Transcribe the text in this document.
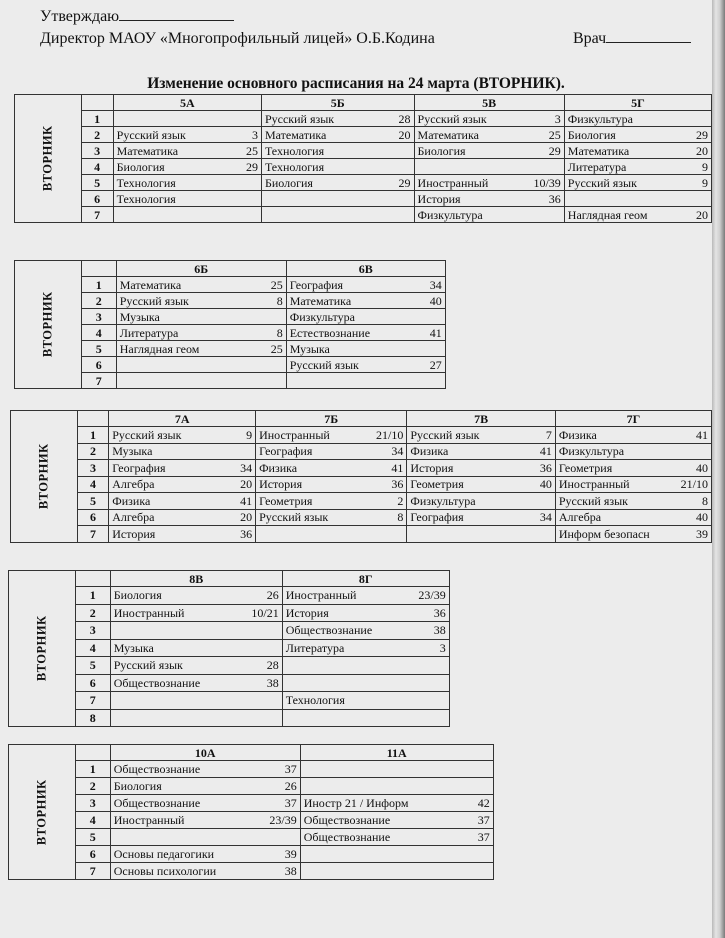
Утверждаю
Директор МАОУ «Многопрофильный лицей» О.Б.Кодина	Врач
Изменение основного расписания на 24 марта (ВТОРНИК).
ВТОРНИК		5А	5Б	5В	5Г
	1		Русский язык 28	Русский язык 3	Физкультура

	2	Русский язык 3	Математика 20	Математика 25	Биология 29

	3	Математика 25	Технология	Биология 29	Математика 20

	4	Биология 29	Технология		Литература 9

	5	Технология	Биология 29	Иностранный 10/39	Русский язык 9

	6	Технология		История 36	

	7			Физкультура	Наглядная геом 20
ВТОРНИК		6Б	6В
	1	Математика 25	География 34

	2	Русский язык 8	Математика 40

	3	Музыка	Физкультура

	4	Литература 8	Естествознание 41

	5	Наглядная геом 25	Музыка

	6		Русский язык 27

	7	

ВТОРНИК		7А	7Б	7В	7Г
	1	Русский язык 9	Иностранный 21/10	Русский язык 7	Физика 41

	2	Музыка	География 34	Физика 41	Физкультура

	3	География 34	Физика 41	История 36	Геометрия 40

	4	Алгебра 20	История 36	Геометрия 40	Иностранный 21/10

	5	Физика 41	Геометрия 2	Физкультура	Русский язык 8

	6	Алгебра 20	Русский язык 8	География 34	Алгебра 40

	7	История 36			Информ безопасн 39
ВТОРНИК		8В	8Г
	1	Биология 26	Иностранный 23/39

	2	Иностранный 10/21	История 36

	3		Обществознание 38

	4	Музыка	Литература 3

	5	Русский язык 28	

	6	Обществознание 38	

	7		Технология

	8	

ВТОРНИК		10А	11А
	1	Обществознание 37	

	2	Биология 26	

	3	Обществознание 37	Иностр 21 / Информ 42

	4	Иностранный 23/39	Обществознание 37

	5		Обществознание 37

	6	Основы педагогики 39	

	7	Основы психологии 38	
